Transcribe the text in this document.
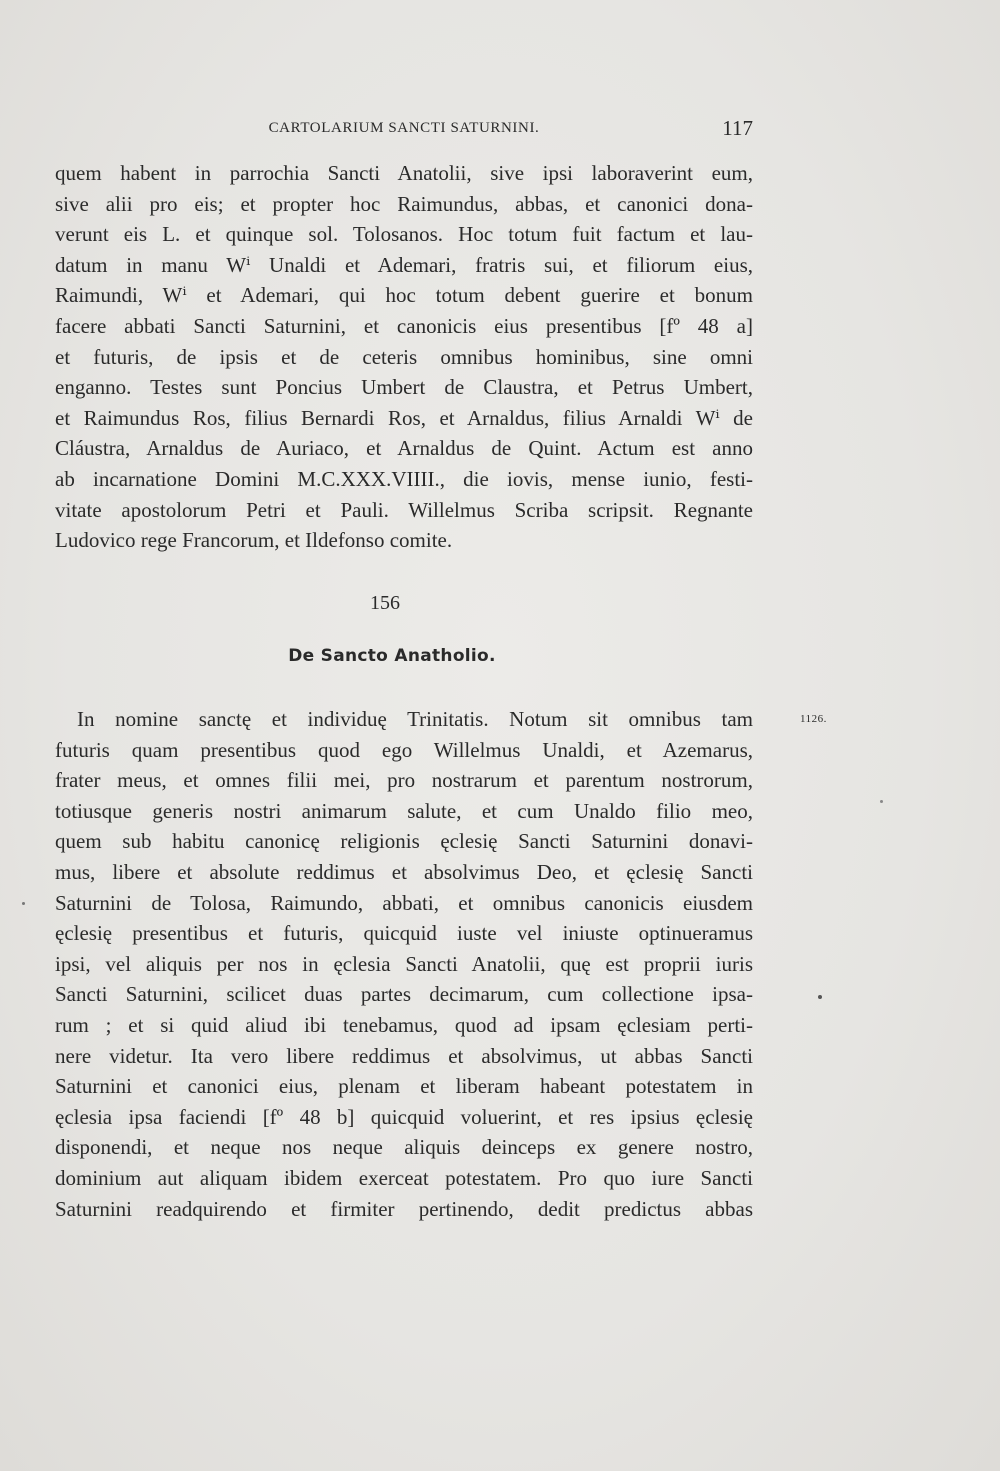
CARTOLARIUM SANCTI SATURNINI.	117
quem habent in parrochia Sancti Anatolii, sive ipsi laboraverint eum,
sive alii pro eis; et propter hoc Raimundus, abbas, et canonici dona-
verunt eis L. et quinque sol. Tolosanos. Hoc totum fuit factum et lau-
datum in manu Wⁱ Unaldi et Ademari, fratris sui, et filiorum eius,
Raimundi, Wⁱ et Ademari, qui hoc totum debent guerire et bonum
facere abbati Sancti Saturnini, et canonicis eius presentibus [fº 48 a]
et futuris, de ipsis et de ceteris omnibus hominibus, sine omni
enganno. Testes sunt Poncius Umbert de Claustra, et Petrus Umbert,
et Raimundus Ros, filius Bernardi Ros, et Arnaldus, filius Arnaldi Wⁱ de
Cláustra, Arnaldus de Auriaco, et Arnaldus de Quint. Actum est anno
ab incarnatione Domini M.C.XXX.VIIII., die iovis, mense iunio, festi-
vitate apostolorum Petri et Pauli. Willelmus Scriba scripsit. Regnante
Ludovico rege Francorum, et Ildefonso comite.
156
De Sancto Anatholio.
1126.
In nomine sanctę et individuę Trinitatis. Notum sit omnibus tam
futuris quam presentibus quod ego Willelmus Unaldi, et Azemarus,
frater meus, et omnes filii mei, pro nostrarum et parentum nostrorum,
totiusque generis nostri animarum salute, et cum Unaldo filio meo,
quem sub habitu canonicę religionis ęclesię Sancti Saturnini donavi-
mus, libere et absolute reddimus et absolvimus Deo, et ęclesię Sancti
Saturnini de Tolosa, Raimundo, abbati, et omnibus canonicis eiusdem
ęclesię presentibus et futuris, quicquid iuste vel iniuste optinueramus
ipsi, vel aliquis per nos in ęclesia Sancti Anatolii, quę est proprii iuris
Sancti Saturnini, scilicet duas partes decimarum, cum collectione ipsa-
rum ; et si quid aliud ibi tenebamus, quod ad ipsam ęclesiam perti-
nere videtur. Ita vero libere reddimus et absolvimus, ut abbas Sancti
Saturnini et canonici eius, plenam et liberam habeant potestatem in
ęclesia ipsa faciendi [fº 48 b] quicquid voluerint, et res ipsius ęclesię
disponendi, et neque nos neque aliquis deinceps ex genere nostro,
dominium aut aliquam ibidem exerceat potestatem. Pro quo iure Sancti
Saturnini readquirendo et firmiter pertinendo, dedit predictus abbas
